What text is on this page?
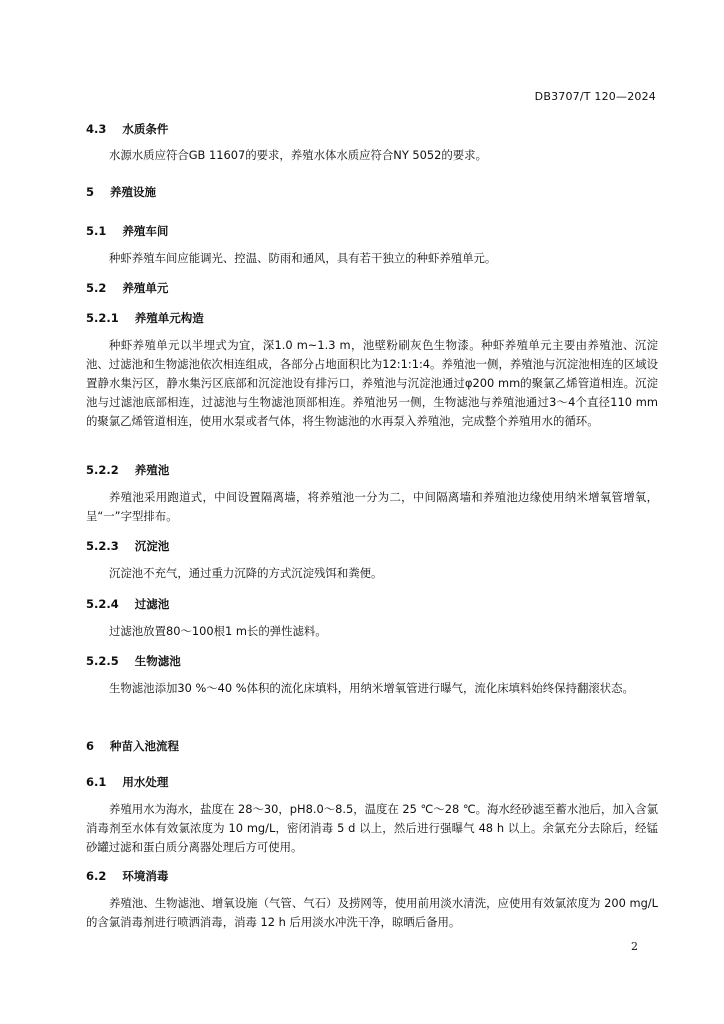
DB3707/T 120—2024
4.3 水质条件
水源水质应符合GB 11607的要求，养殖水体水质应符合NY 5052的要求。
5 养殖设施
5.1 养殖车间
种虾养殖车间应能调光、控温、防雨和通风，具有若干独立的种虾养殖单元。
5.2 养殖单元
5.2.1 养殖单元构造
种虾养殖单元以半埋式为宜，深1.0 m~1.3 m，池壁粉刷灰色生物漆。种虾养殖单元主要由养殖池、沉淀池、过滤池和生物滤池依次相连组成，各部分占地面积比为12:1:1:4。养殖池一侧，养殖池与沉淀池相连的区域设置静水集污区，静水集污区底部和沉淀池设有排污口，养殖池与沉淀池通过φ200 mm的聚氯乙烯管道相连。沉淀池与过滤池底部相连，过滤池与生物滤池顶部相连。养殖池另一侧，生物滤池与养殖池通过3～4个直径110 mm的聚氯乙烯管道相连，使用水泵或者气体，将生物滤池的水再泵入养殖池，完成整个养殖用水的循环。
5.2.2 养殖池
养殖池采用跑道式，中间设置隔离墙，将养殖池一分为二，中间隔离墙和养殖池边缘使用纳米增氧管增氧，呈“一”字型排布。
5.2.3 沉淀池
沉淀池不充气，通过重力沉降的方式沉淀残饵和粪便。
5.2.4 过滤池
过滤池放置80～100根1 m长的弹性滤料。
5.2.5 生物滤池
生物滤池添加30 %～40 %体积的流化床填料，用纳米增氧管进行曝气，流化床填料始终保持翻滚状态。
6 种苗入池流程
6.1 用水处理
养殖用水为海水，盐度在 28～30，pH8.0～8.5，温度在 25 ℃～28 ℃。海水经砂滤至蓄水池后，加入含氯消毒剂至水体有效氯浓度为 10 mg/L，密闭消毒 5 d 以上，然后进行强曝气 48 h 以上。余氯充分去除后，经锰砂罐过滤和蛋白质分离器处理后方可使用。
6.2 环境消毒
养殖池、生物滤池、增氧设施（气管、气石）及捞网等，使用前用淡水清洗，应使用有效氯浓度为 200 mg/L 的含氯消毒剂进行喷洒消毒，消毒 12 h 后用淡水冲洗干净，晾晒后备用。
2
